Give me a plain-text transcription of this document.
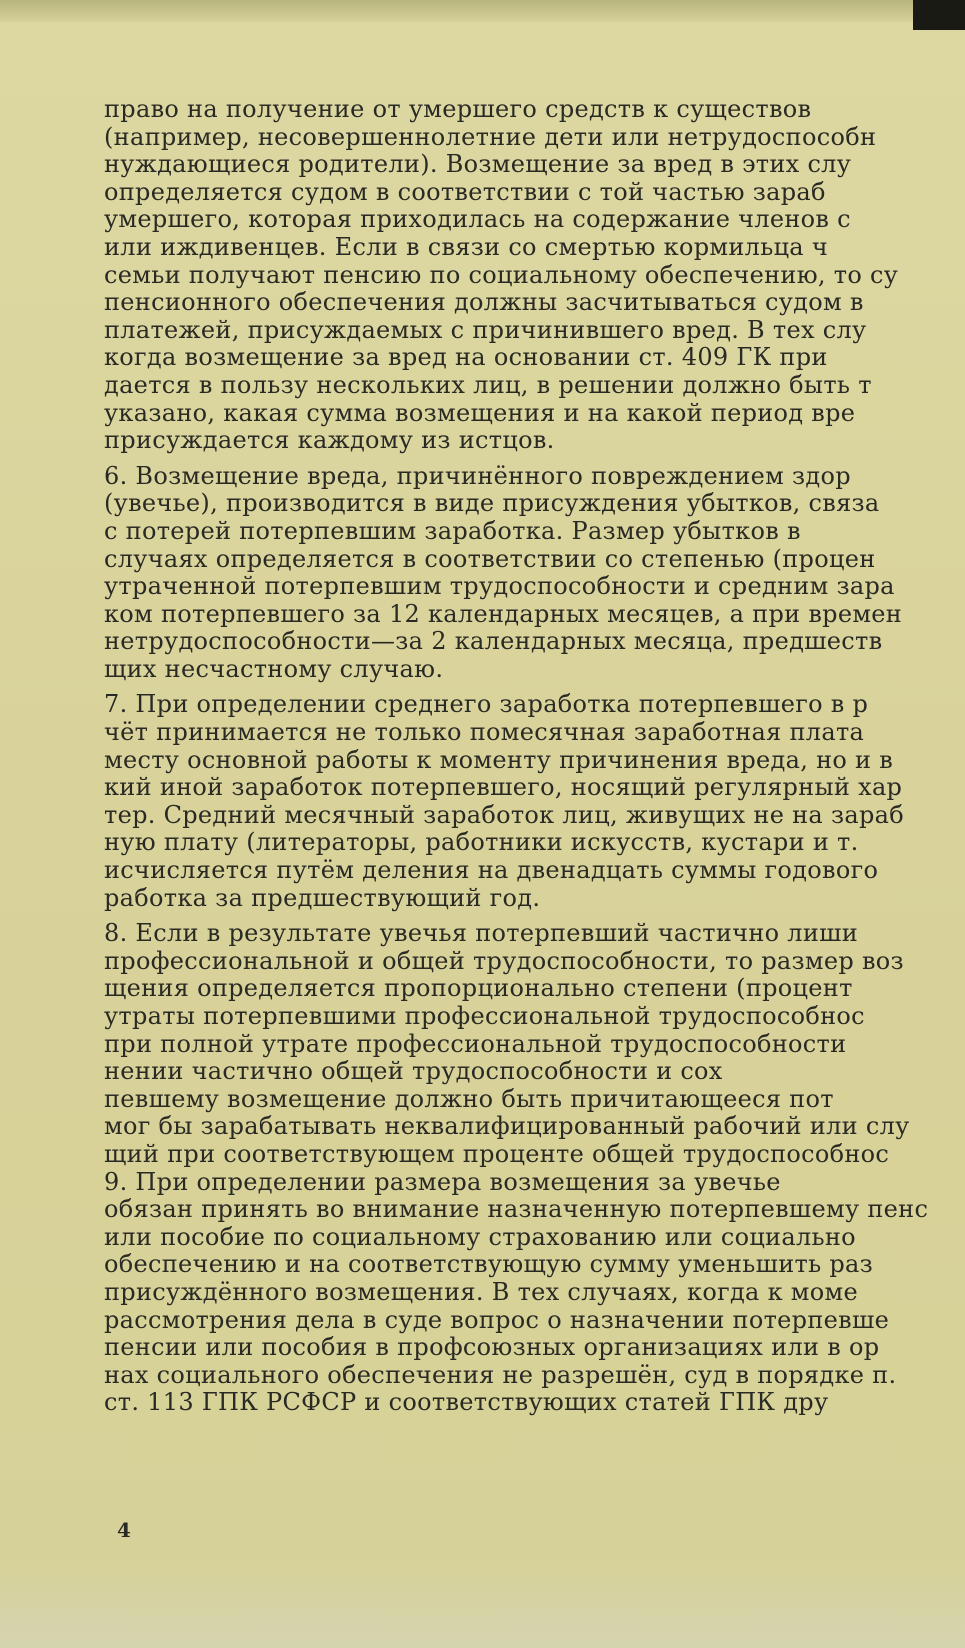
право на получение от умершего средств к существов
(например, несовершеннолетние дети или нетрудоспособн
нуждающиеся родители). Возмещение за вред в этих слу
определяется судом в соответствии с той частью зараб
умершего, которая приходилась на содержание членов с
или иждивенцев. Если в связи со смертью кормильца ч
семьи получают пенсию по социальному обеспечению, то су
пенсионного обеспечения должны засчитываться судом в
платежей, присуждаемых с причинившего вред. В тех слу
когда возмещение за вред на основании ст. 409 ГК при
дается в пользу нескольких лиц, в решении должно быть т
указано, какая сумма возмещения и на какой период вре
присуждается каждому из истцов.
6. Возмещение вреда, причинённого повреждением здор
(увечье), производится в виде присуждения убытков, связа
с потерей потерпевшим заработка. Размер убытков в
случаях определяется в соответствии со степенью (процен
утраченной потерпевшим трудоспособности и средним зара
ком потерпевшего за 12 календарных месяцев, а при времен
нетрудоспособности—за 2 календарных месяца, предшеств
щих несчастному случаю.
7. При определении среднего заработка потерпевшего в р
чёт принимается не только помесячная заработная плата
месту основной работы к моменту причинения вреда, но и в
кий иной заработок потерпевшего, носящий регулярный хар
тер. Средний месячный заработок лиц, живущих не на зараб
ную плату (литераторы, работники искусств, кустари и т.
исчисляется путём деления на двенадцать суммы годового
работка за предшествующий год.
8. Если в результате увечья потерпевший частично лиши
профессиональной и общей трудоспособности, то размер воз
щения определяется пропорционально степени (процент
утраты потерпевшими профессиональной трудоспособнос
при полной утрате профессиональной трудоспособности
нении частично общей трудоспособности и сох
певшему возмещение должно быть причитающееся пот
мог бы зарабатывать неквалифицированный рабочий или слу
щий при соответствующем проценте общей трудоспособнос
9. При определении размера возмещения за увечье
обязан принять во внимание назначенную потерпевшему пенс
или пособие по социальному страхованию или социально
обеспечению и на соответствующую сумму уменьшить раз
присуждённого возмещения. В тех случаях, когда к моме
рассмотрения дела в суде вопрос о назначении потерпевше
пенсии или пособия в профсоюзных организациях или в ор
нах социального обеспечения не разрешён, суд в порядке п.
ст. 113 ГПК РСФСР и соответствующих статей ГПК дру
4
